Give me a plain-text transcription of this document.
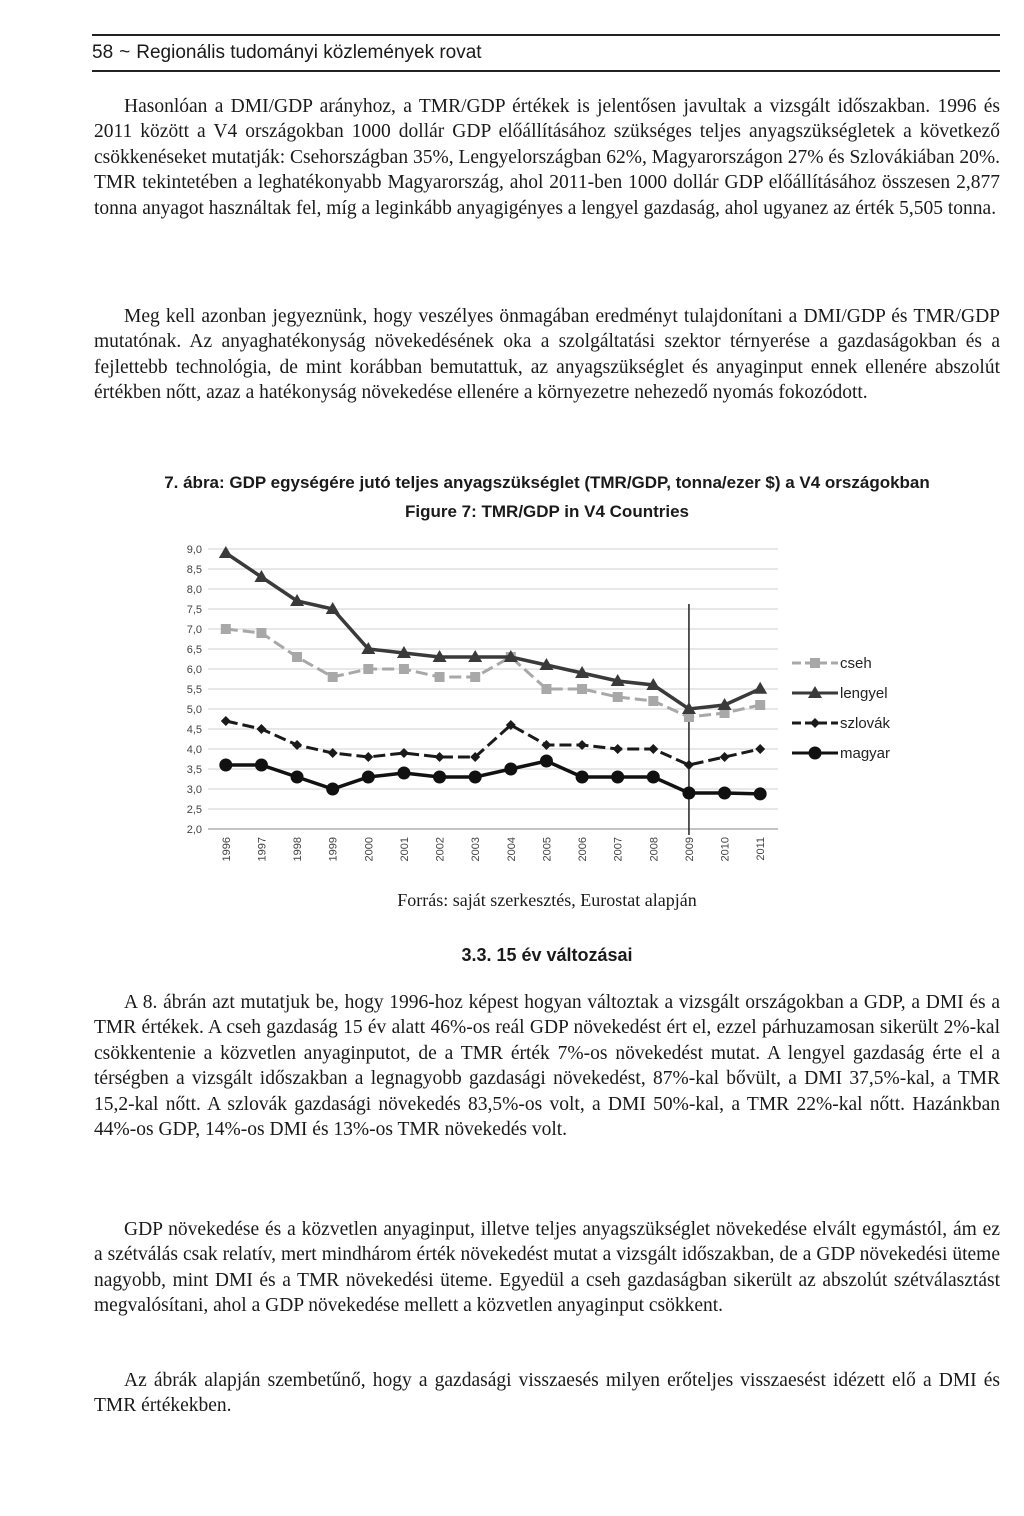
58 ~ Regionális tudományi közlemények rovat

Hasonlóan a DMI/GDP arányhoz, a TMR/GDP értékek is jelentősen javultak a vizsgált időszakban. 1996 és 2011 között a V4 országokban 1000 dollár GDP előállításához szükséges teljes anyagszükségletek a következő csökkenéseket mutatják: Csehországban 35%, Lengyelországban 62%, Magyarországon 27% és Szlovákiában 20%. TMR tekintetében a leghatékonyabb Magyarország, ahol 2011-ben 1000 dollár GDP előállításához összesen 2,877 tonna anyagot használtak fel, míg a leginkább anyagigényes a lengyel gazdaság, ahol ugyanez az érték 5,505 tonna.

Meg kell azonban jegyeznünk, hogy veszélyes önmagában eredményt tulajdonítani a DMI/GDP és TMR/GDP mutatónak. Az anyaghatékonyság növekedésének oka a szolgáltatási szektor térnyerése a gazdaságokban és a fejlettebb technológia, de mint korábban bemutattuk, az anyagszükséglet és anyaginput ennek ellenére abszolút értékben nőtt, azaz a hatékonyság növekedése ellenére a környezetre nehezedő nyomás fokozódott.

7. ábra: GDP egységére jutó teljes anyagszükséglet (TMR/GDP, tonna/ezer $) a V4 országokban

Figure 7: TMR/GDP in V4 Countries

9,0
8,5
8,0
7,5
7,0
6,5
6,0
5,5
5,0
4,5
4,0
3,5
3,0
2,5
2,0
1996 1997 1998 1999 2000 2001 2002 2003 2004 2005 2006 2007 2008 2009 2010 2011
cseh
lengyel
szlovák
magyar

Forrás: saját szerkesztés, Eurostat alapján

3.3. 15 év változásai

A 8. ábrán azt mutatjuk be, hogy 1996-hoz képest hogyan változtak a vizsgált országokban a GDP, a DMI és a TMR értékek. A cseh gazdaság 15 év alatt 46%-os reál GDP növekedést ért el, ezzel párhuzamosan sikerült 2%-kal csökkentenie a közvetlen anyaginputot, de a TMR érték 7%-os növekedést mutat. A lengyel gazdaság érte el a térségben a vizsgált időszakban a legnagyobb gazdasági növekedést, 87%-kal bővült, a DMI 37,5%-kal, a TMR 15,2-kal nőtt. A szlovák gazdasági növekedés 83,5%-os volt, a DMI 50%-kal, a TMR 22%-kal nőtt. Hazánkban 44%-os GDP, 14%-os DMI és 13%-os TMR növekedés volt.

GDP növekedése és a közvetlen anyaginput, illetve teljes anyagszükséglet növekedése elvált egymástól, ám ez a szétválás csak relatív, mert mindhárom érték növekedést mutat a vizsgált időszakban, de a GDP növekedési üteme nagyobb, mint DMI és a TMR növekedési üteme. Egyedül a cseh gazdaságban sikerült az abszolút szétválasztást megvalósítani, ahol a GDP növekedése mellett a közvetlen anyaginput csökkent.

Az ábrák alapján szembetűnő, hogy a gazdasági visszaesés milyen erőteljes visszaesést idézett elő a DMI és TMR értékekben.
